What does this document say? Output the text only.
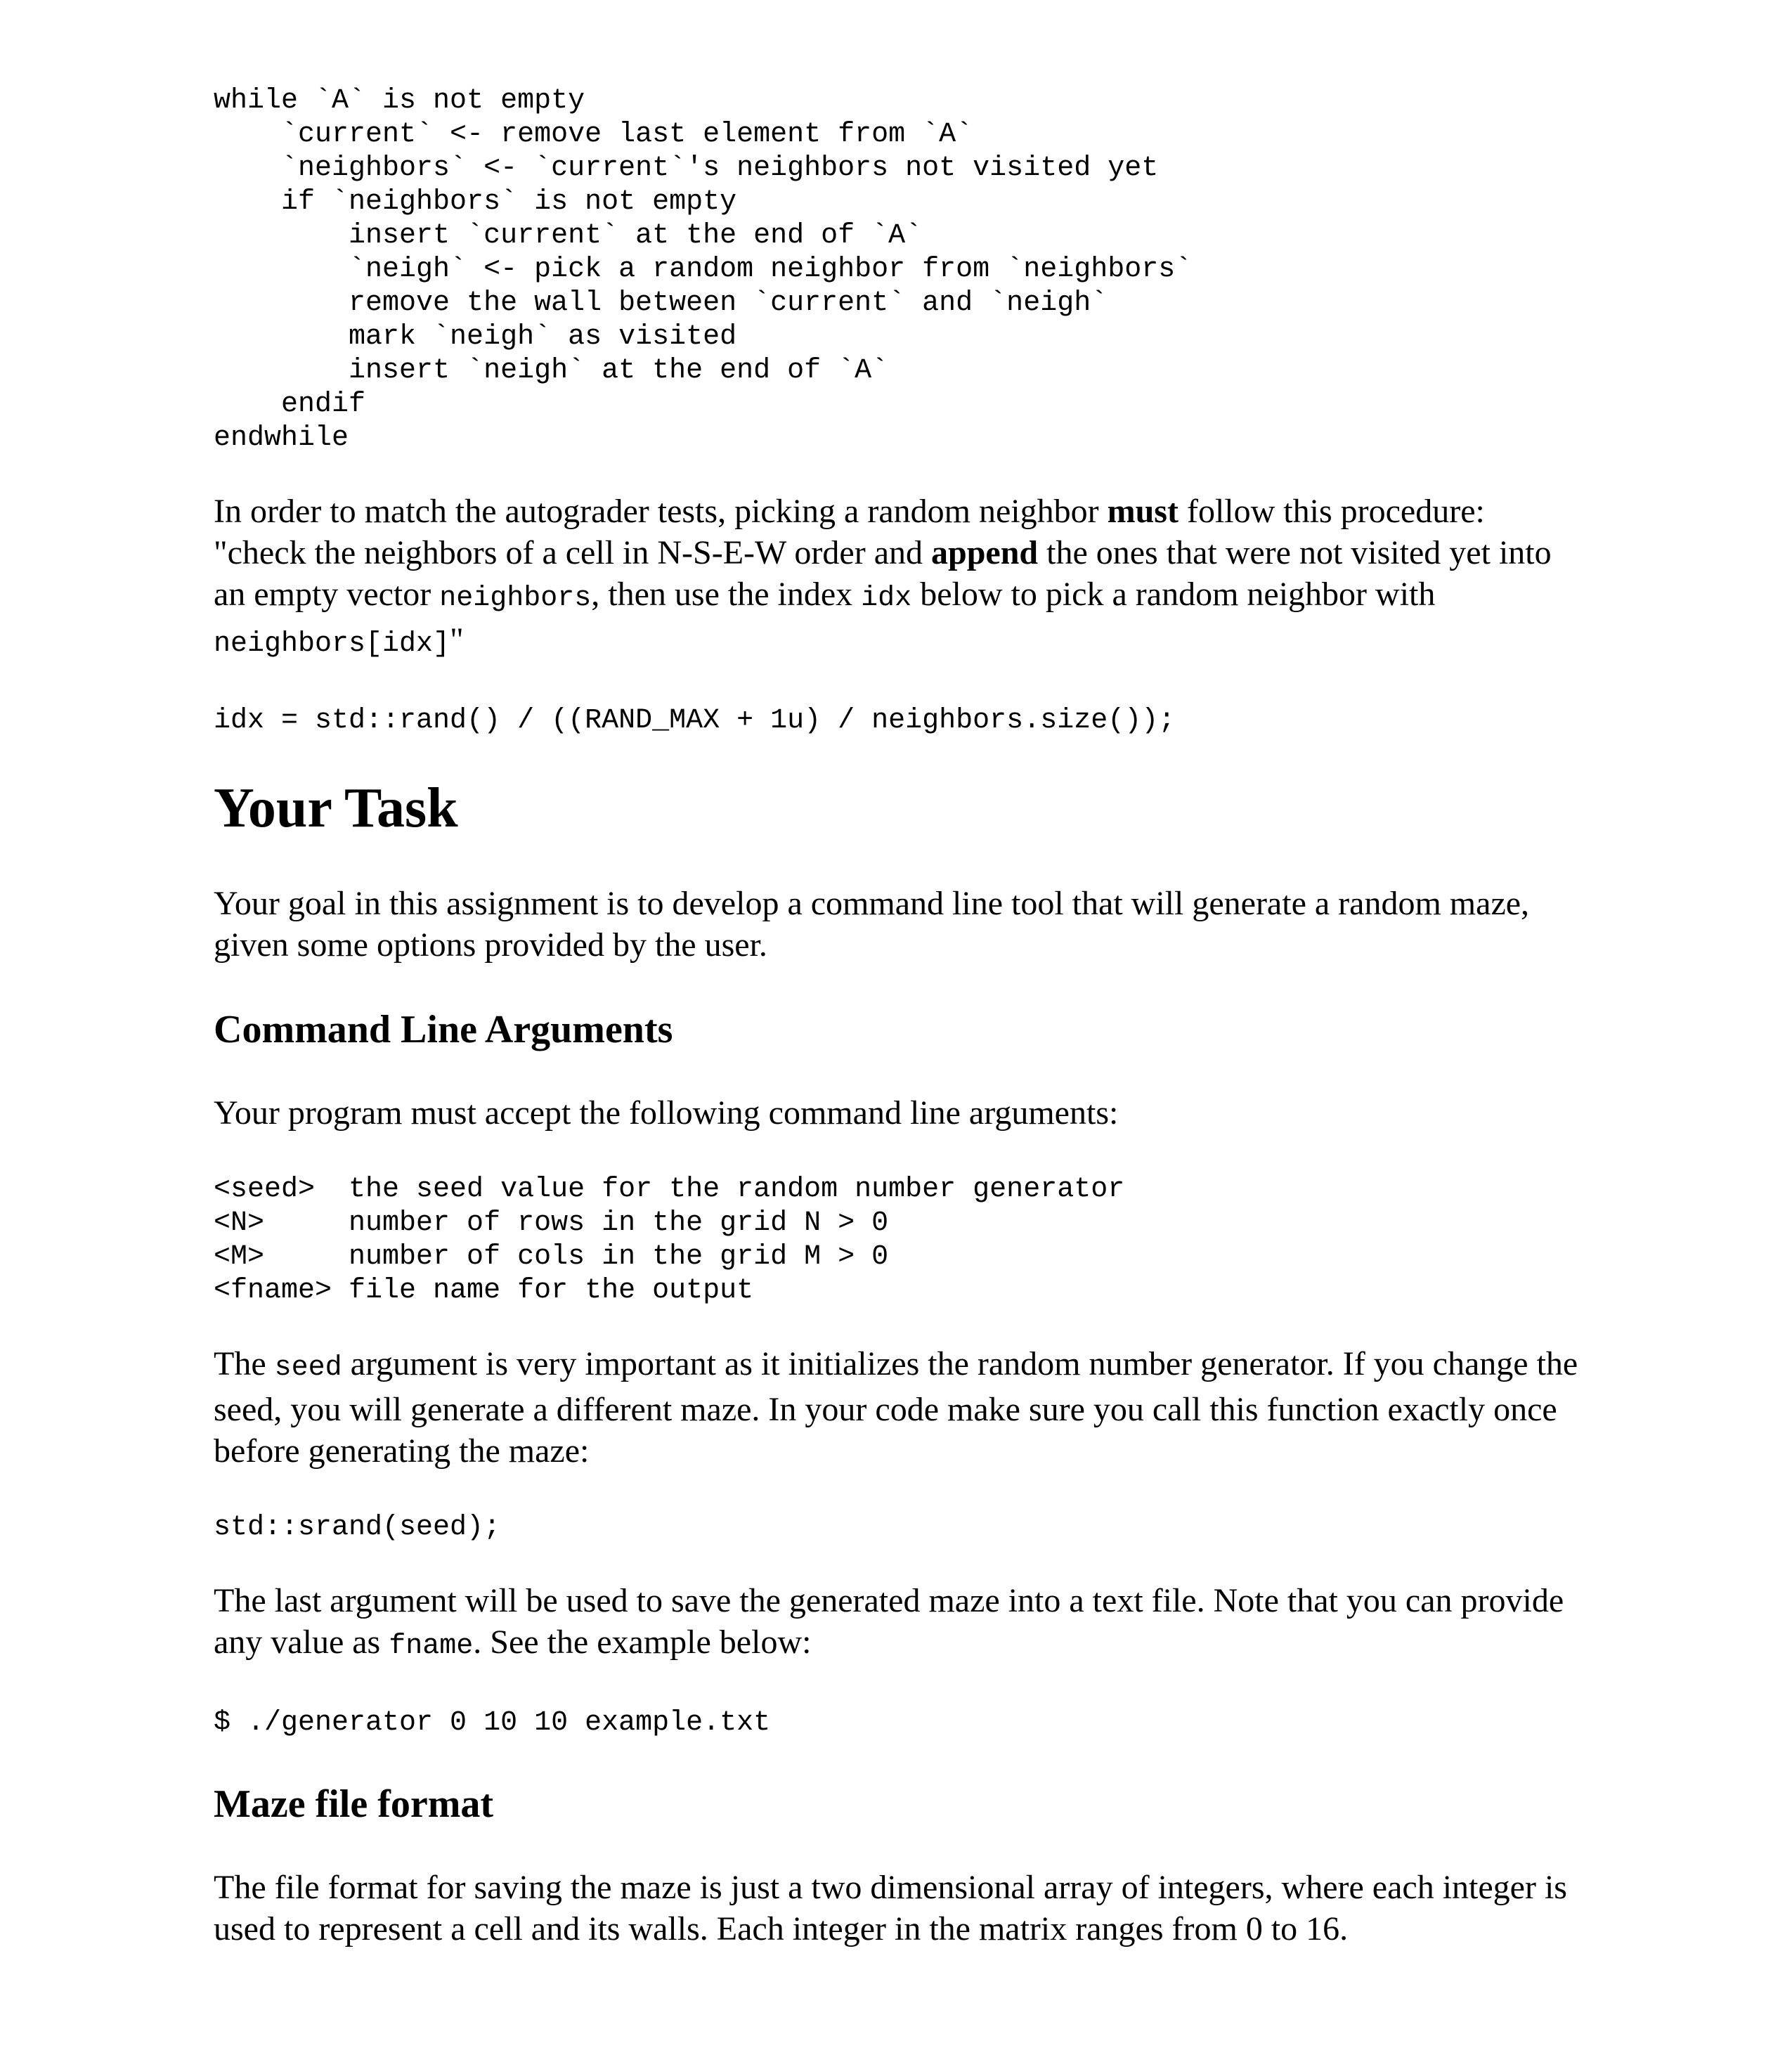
while `A` is not empty
`current` <- remove last element from `A`
`neighbors` <- `current`'s neighbors not visited yet
if `neighbors` is not empty
insert `current` at the end of `A`
`neigh` <- pick a random neighbor from `neighbors`
remove the wall between `current` and `neigh`
mark `neigh` as visited
insert `neigh` at the end of `A`
endif
endwhile

In order to match the autograder tests, picking a random neighbor must follow this procedure: "check the neighbors of a cell in N-S-E-W order and append the ones that were not visited yet into an empty vector neighbors, then use the index idx below to pick a random neighbor with neighbors[idx]"

idx = std::rand() / ((RAND_MAX + 1u) / neighbors.size());
Your Task

Your goal in this assignment is to develop a command line tool that will generate a random maze, given some options provided by the user.

Command Line Arguments

Your program must accept the following command line arguments:

<seed>  the seed value for the random number generator
<N>     number of rows in the grid N > 0
<M>     number of cols in the grid M > 0
<fname> file name for the output

The seed argument is very important as it initializes the random number generator. If you change the seed, you will generate a different maze. In your code make sure you call this function exactly once before generating the maze:

std::srand(seed);

The last argument will be used to save the generated maze into a text file. Note that you can provide any value as fname. See the example below:

$ ./generator 0 10 10 example.txt
Maze file format

The file format for saving the maze is just a two dimensional array of integers, where each integer is used to represent a cell and its walls. Each integer in the matrix ranges from 0 to 16.
